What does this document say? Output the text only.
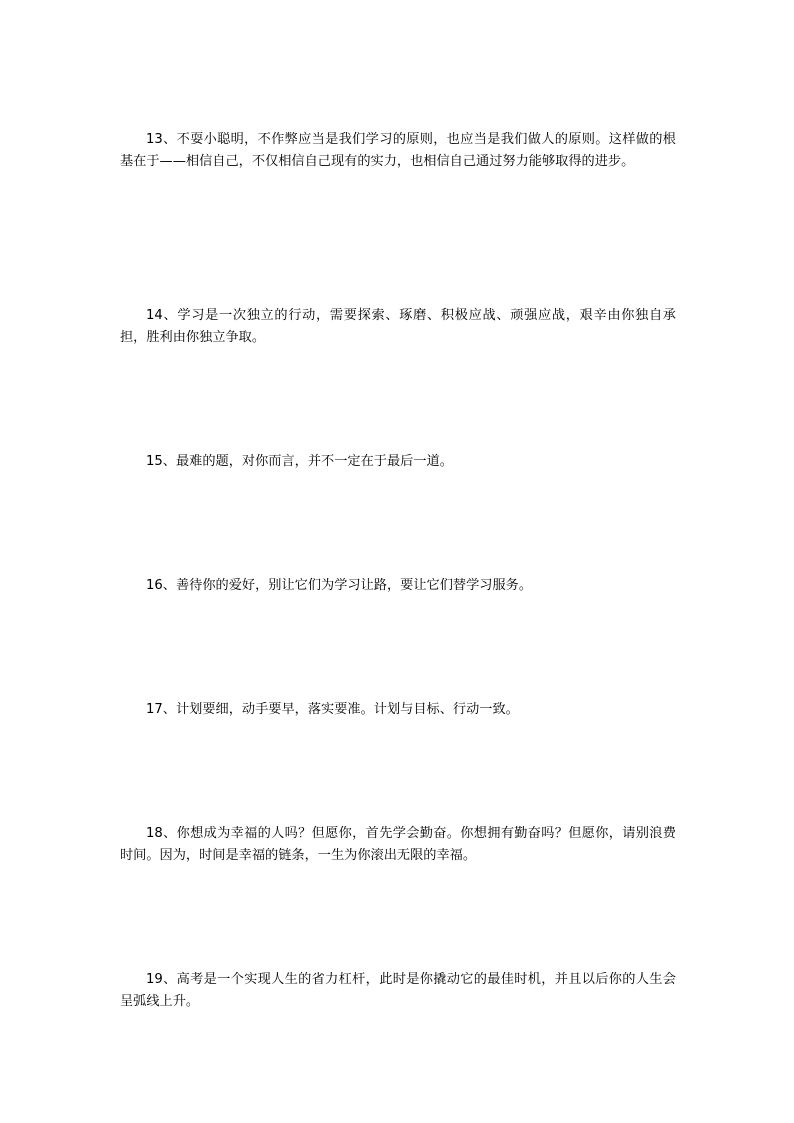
13、不耍小聪明，不作弊应当是我们学习的原则，也应当是我们做人的原则。这样做的根基在于——相信自己，不仅相信自己现有的实力，也相信自己通过努力能够取得的进步。

14、学习是一次独立的行动，需要探索、琢磨、积极应战、顽强应战，艰辛由你独自承担，胜利由你独立争取。

15、最难的题，对你而言，并不一定在于最后一道。

16、善待你的爱好，别让它们为学习让路，要让它们替学习服务。

17、计划要细，动手要早，落实要准。计划与目标、行动一致。

18、你想成为幸福的人吗？但愿你，首先学会勤奋。你想拥有勤奋吗？但愿你，请别浪费时间。因为，时间是幸福的链条，一生为你滚出无限的幸福。

19、高考是一个实现人生的省力杠杆，此时是你撬动它的最佳时机，并且以后你的人生会呈弧线上升。
